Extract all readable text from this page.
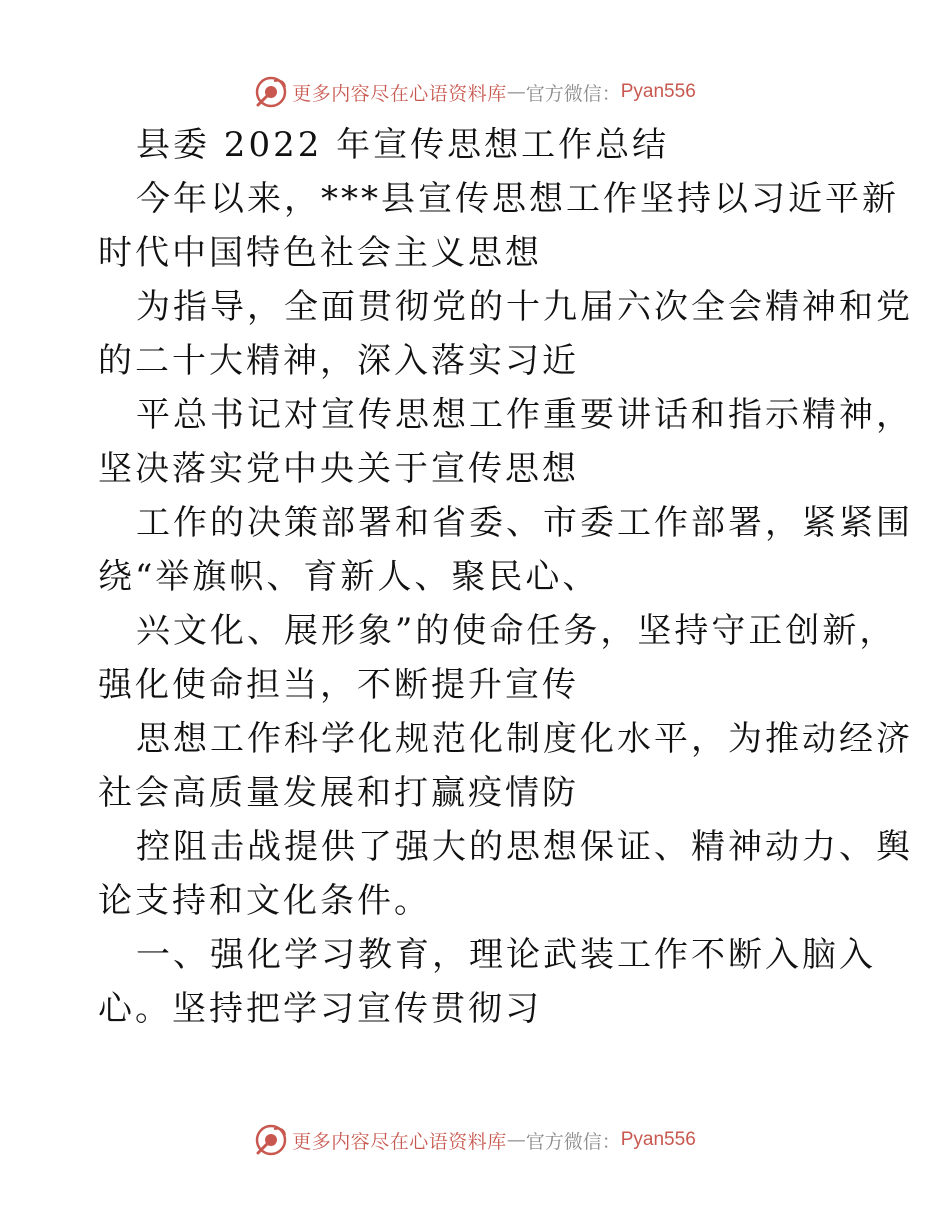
更多内容尽在心语资料库 — 官方微信： Pyan556
县委 2022 年宣传思想工作总结
今年以来，***县宣传思想工作坚持以习近平新
时代中国特色社会主义思想
为指导，全面贯彻党的十九届六次全会精神和党
的二十大精神，深入落实习近
平总书记对宣传思想工作重要讲话和指示精神，
坚决落实党中央关于宣传思想
工作的决策部署和省委、市委工作部署，紧紧围
绕“举旗帜、育新人、聚民心、
兴文化、展形象”的使命任务，坚持守正创新，
强化使命担当，不断提升宣传
思想工作科学化规范化制度化水平，为推动经济
社会高质量发展和打赢疫情防
控阻击战提供了强大的思想保证、精神动力、舆
论支持和文化条件。
一、强化学习教育，理论武装工作不断入脑入
心。坚持把学习宣传贯彻习
更多内容尽在心语资料库 — 官方微信： Pyan556
